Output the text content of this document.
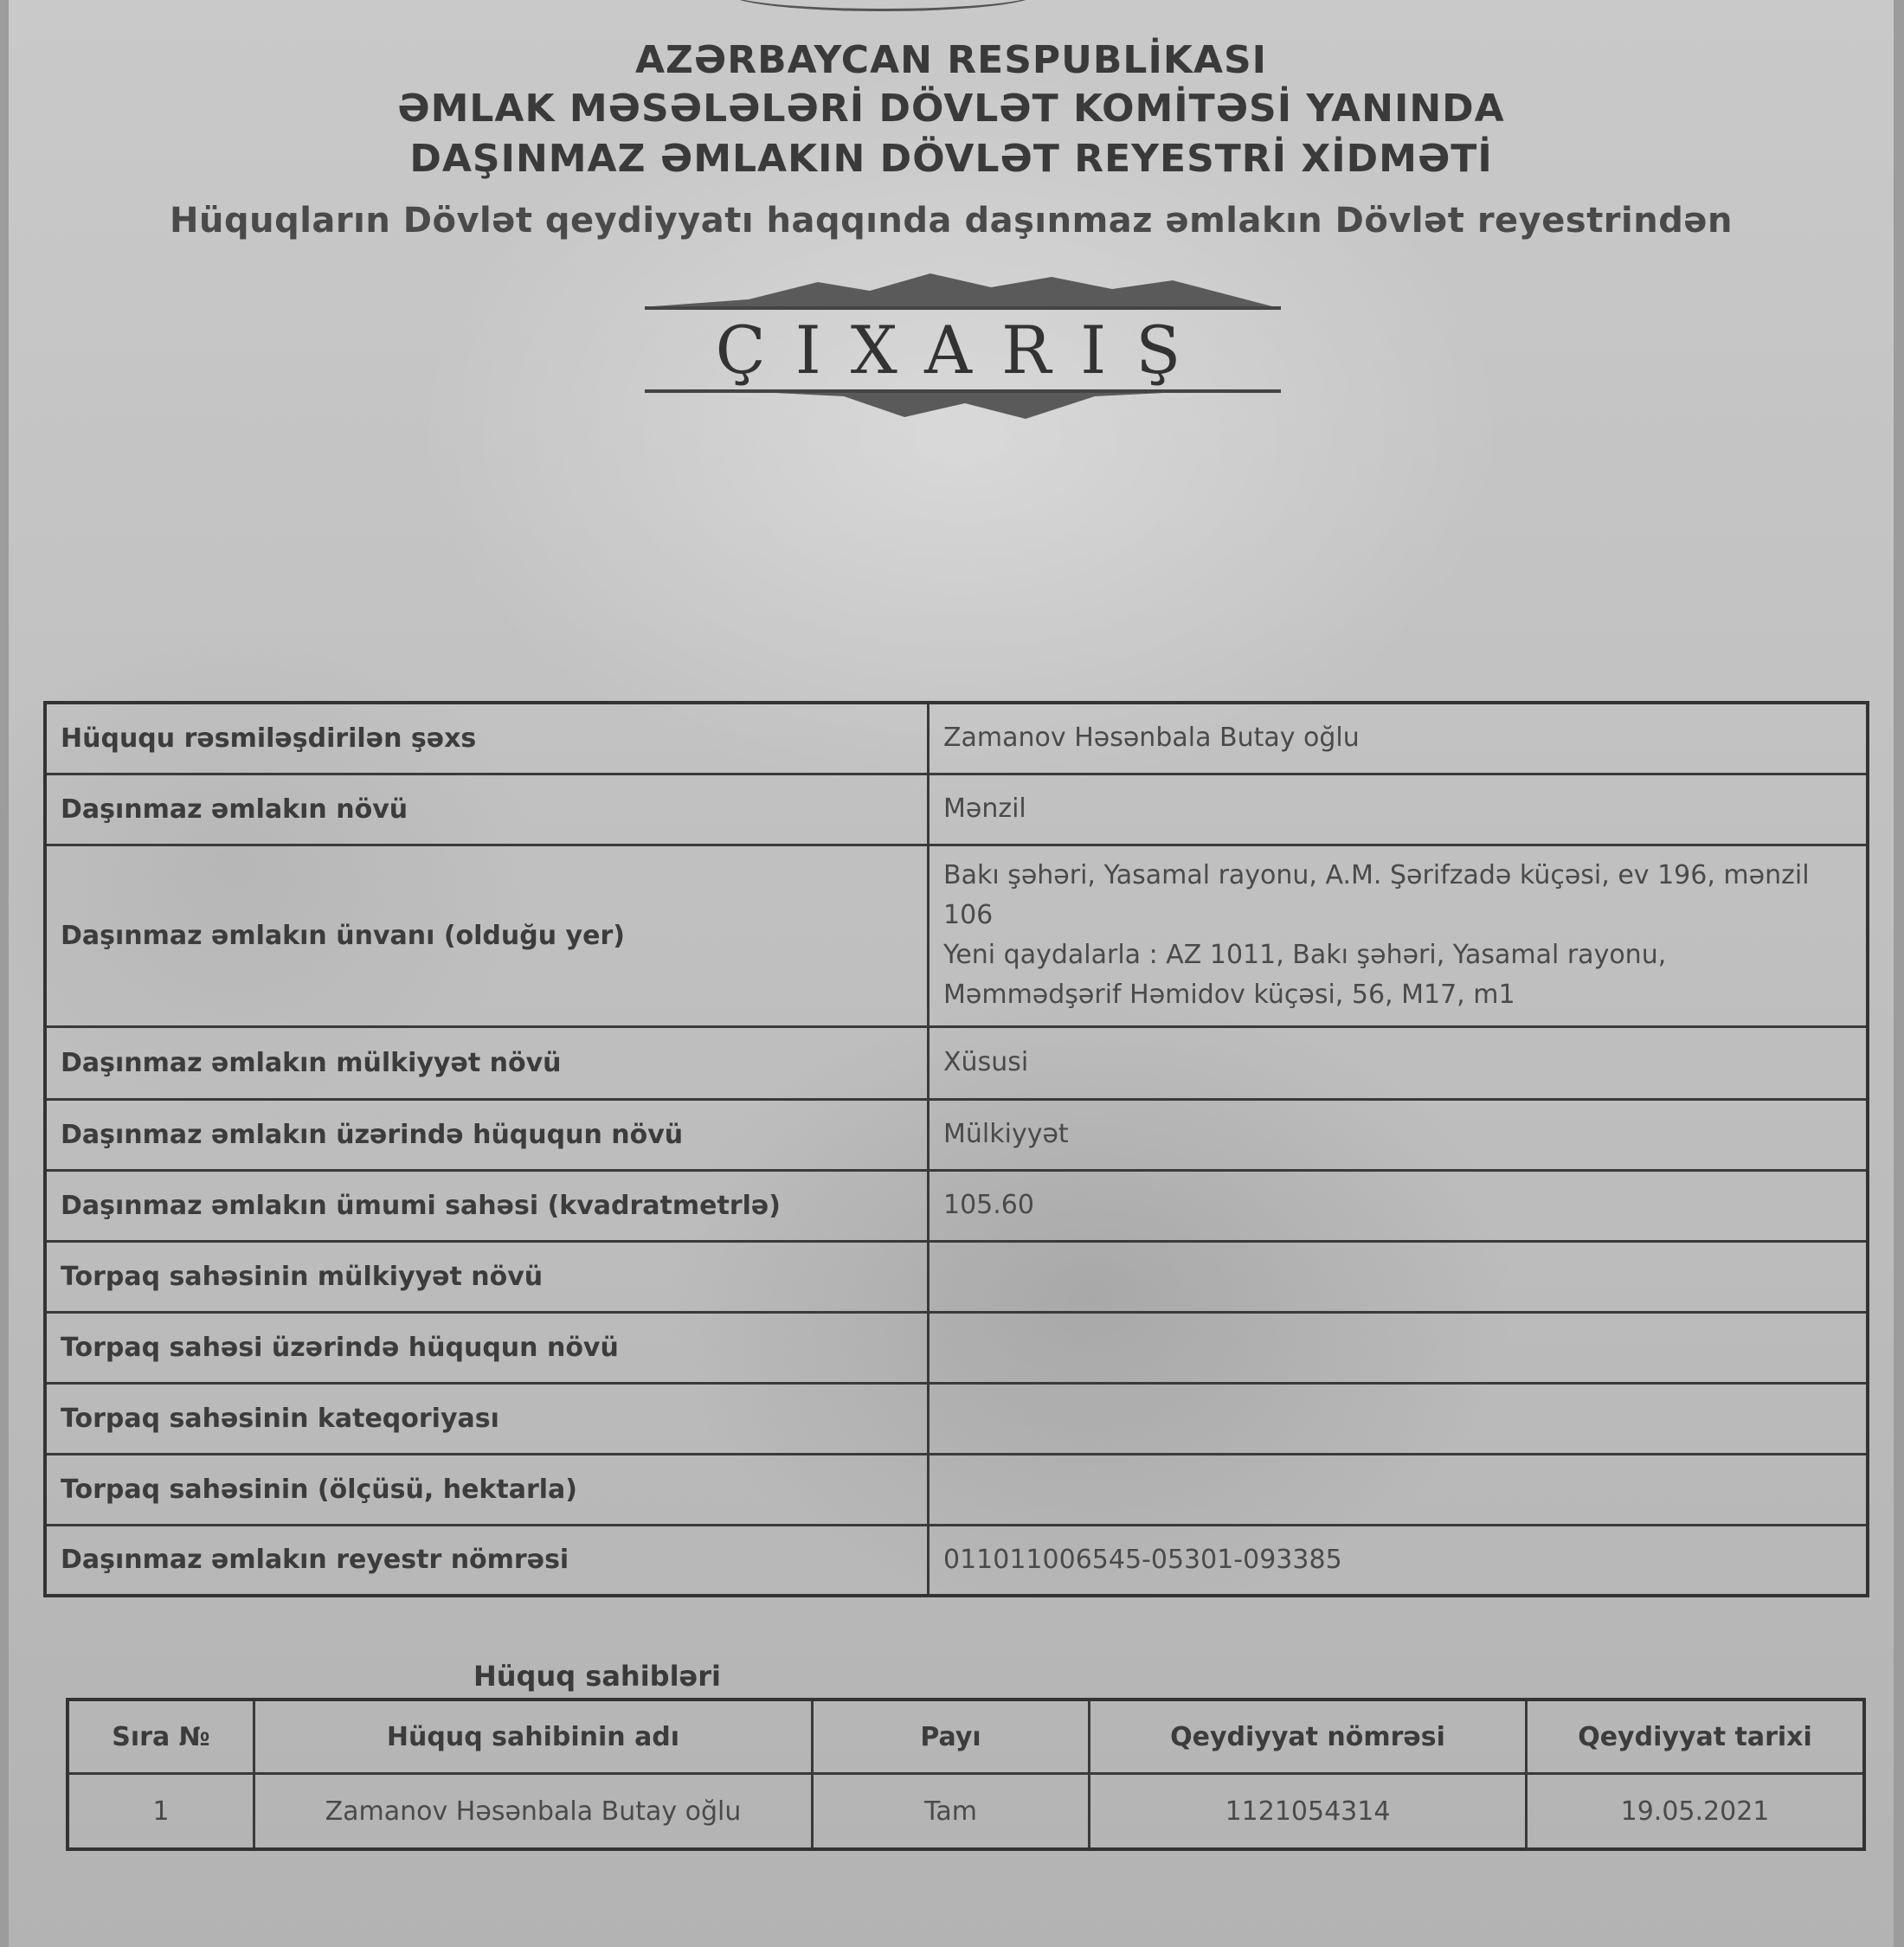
AZƏRBAYCAN RESPUBLİKASI
ƏMLAK MƏSƏLƏLƏRİ DÖVLƏT KOMİTƏSİ YANINDA
DAŞINMAZ ƏMLAKIN DÖVLƏT REYESTRİ XİDMƏTİ
Hüquqların Dövlət qeydiyyatı haqqında daşınmaz əmlakın Dövlət reyestrindən
ÇIXARIŞ
Hüququ rəsmiləşdirilən şəxs	Zamanov Həsənbala Butay oğlu
Daşınmaz əmlakın növü	Mənzil
Daşınmaz əmlakın ünvanı (olduğu yer)	Bakı şəhəri, Yasamal rayonu, A.M. Şərifzadə küçəsi, ev 196, mənzil 106
Yeni qaydalarla : AZ 1011, Bakı şəhəri, Yasamal rayonu, Məmmədşərif Həmidov küçəsi, 56, M17, m1
Daşınmaz əmlakın mülkiyyət növü	Xüsusi
Daşınmaz əmlakın üzərində hüququn növü	Mülkiyyət
Daşınmaz əmlakın ümumi sahəsi (kvadratmetrlə)	105.60
Torpaq sahəsinin mülkiyyət növü	
Torpaq sahəsi üzərində hüququn növü	
Torpaq sahəsinin kateqoriyası	
Torpaq sahəsinin (ölçüsü, hektarla)	
Daşınmaz əmlakın reyestr nömrəsi	011011006545-05301-093385
Hüquq sahibləri
Sıra №	Hüquq sahibinin adı	Payı	Qeydiyyat nömrəsi	Qeydiyyat tarixi
1	Zamanov Həsənbala Butay oğlu	Tam	1121054314	19.05.2021
